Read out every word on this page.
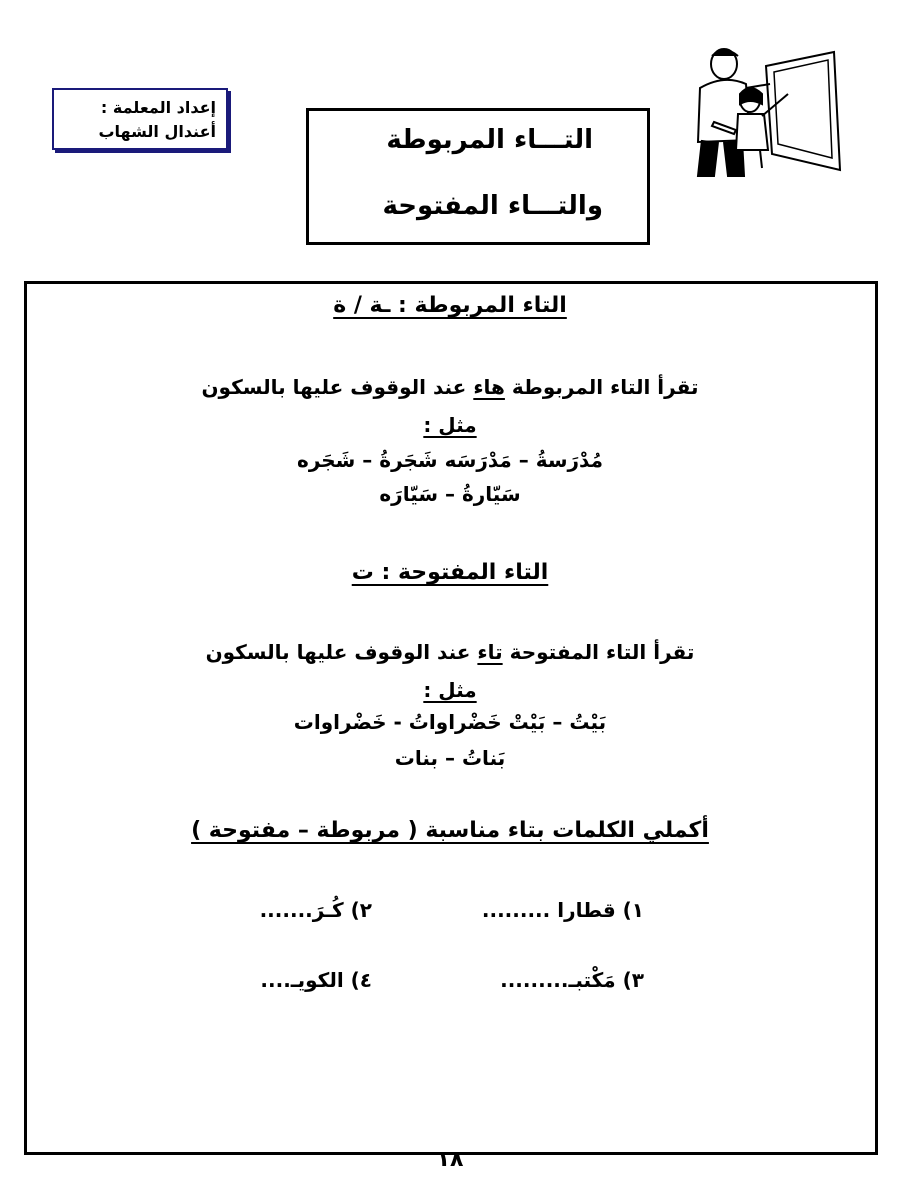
إعداد المعلمة :
أعندال الشهاب	التـــاء المربوطة
والتـــاء المفتوحة
التاء المربوطة : ـة / ة
تقرأ التاء المربوطة هاء عند الوقوف عليها بالسكون
مثل :
مُدْرَسةُ – مَدْرَسَه شَجَرةُ – شَجَره
سَيّارةُ – سَيّارَه
التاء المفتوحة : ت
تقرأ التاء المفتوحة تاء عند الوقوف عليها بالسكون
مثل :
بَيْتُ – بَيْتْ خَضْراواتُ - خَضْراوات
بَناتُ – بنات
أكملي الكلمات بتاء مناسبة ( مربوطة – مفتوحة )
١) قطارا .........
٢) كُـرَ.......
٣) مَكْتبـ.........
٤) الكويـ....
١٨
